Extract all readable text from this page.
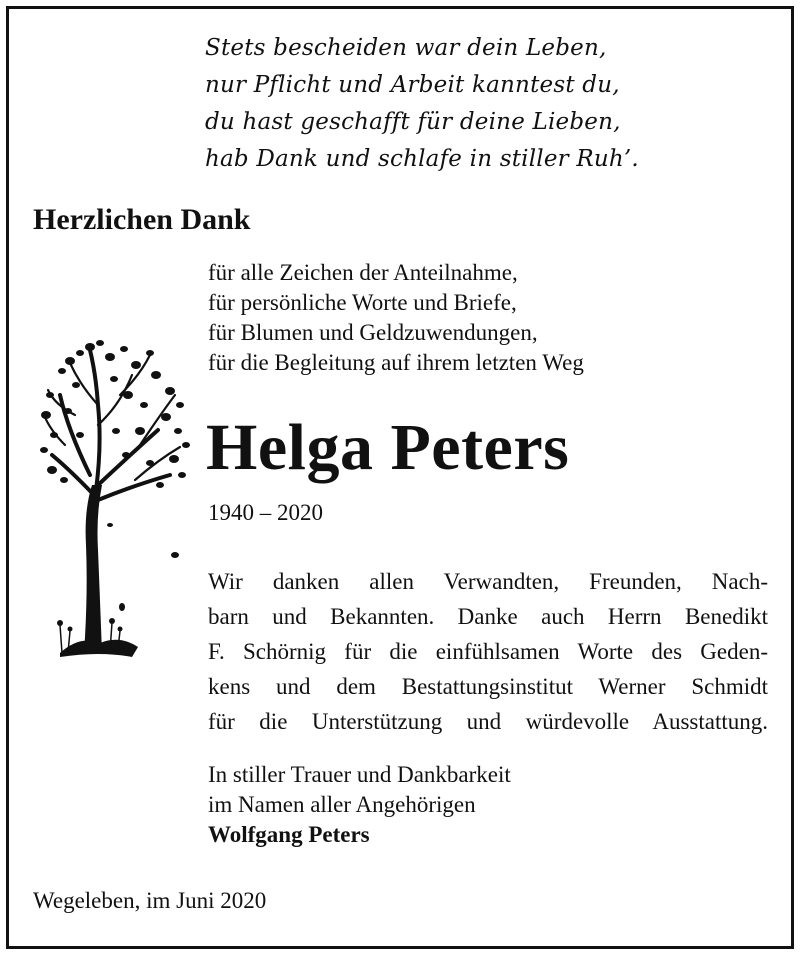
Stets bescheiden war dein Leben,
nur Pflicht und Arbeit kanntest du,
du hast geschafft für deine Lieben,
hab Dank und schlafe in stiller Ruh’.
Herzlichen Dank
für alle Zeichen der Anteilnahme,
für persönliche Worte und Briefe,
für Blumen und Geldzuwendungen,
für die Begleitung auf ihrem letzten Weg
Helga Peters
1940 – 2020
Wir danken allen Verwandten, Freunden, Nach-
barn und Bekannten. Danke auch Herrn Benedikt
F. Schörnig für die einfühlsamen Worte des Geden-
kens und dem Bestattungsinstitut Werner Schmidt
für die Unterstützung und würdevolle Ausstattung.
In stiller Trauer und Dankbarkeit
im Namen aller Angehörigen
Wolfgang Peters
Wegeleben, im Juni 2020
